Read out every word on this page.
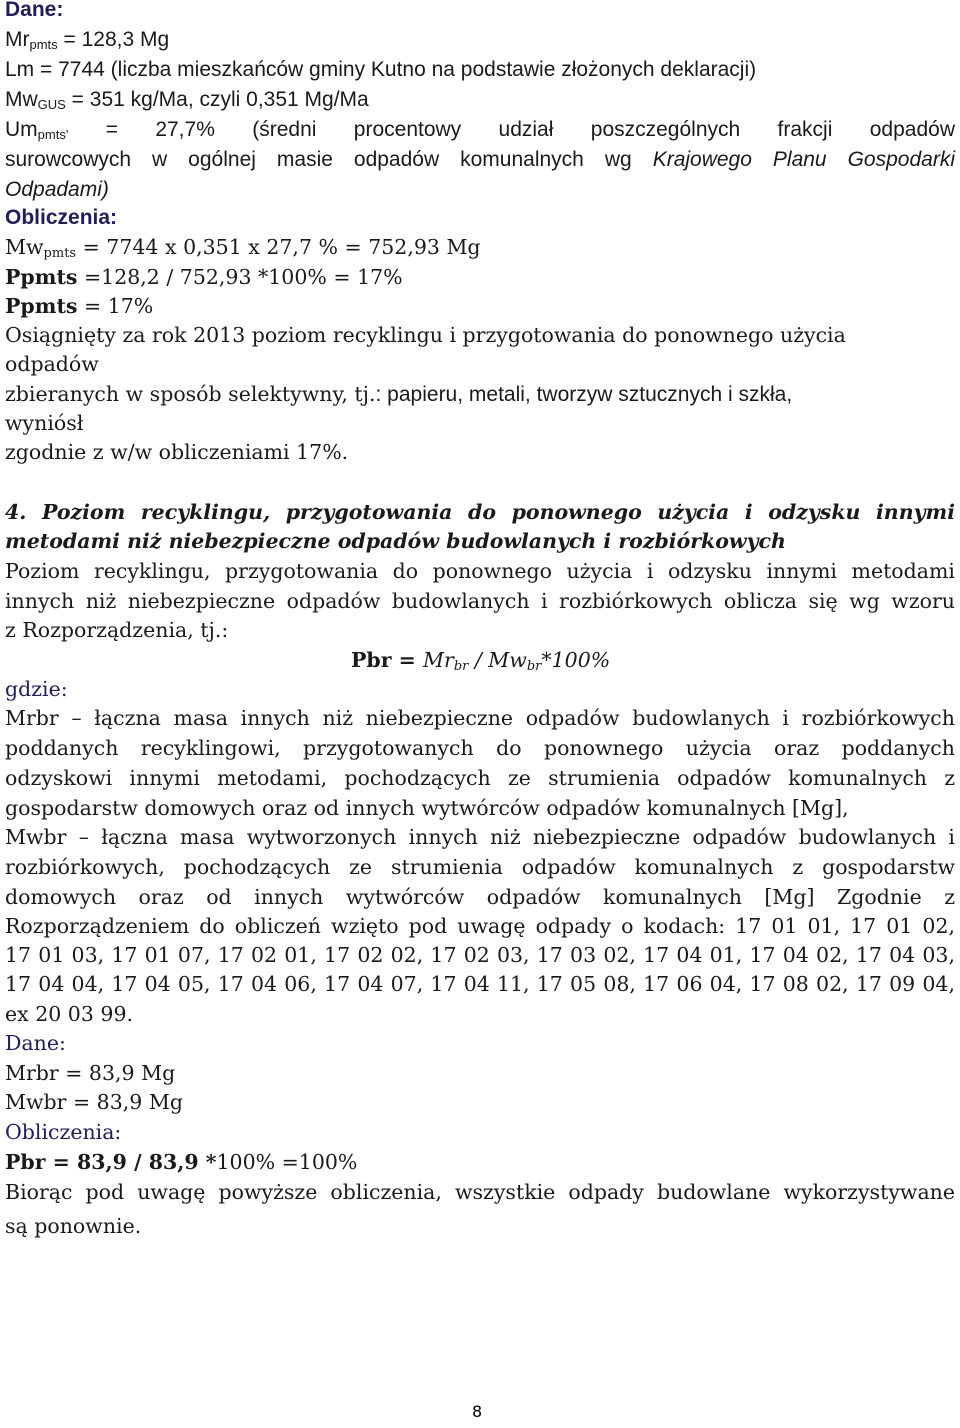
Dane:
$Mr_{pmts} = 128,3$ Mg
Lm = 7744 (liczba mieszkańców gminy Kutno na podstawie złożonych deklaracji)
$Mw_{GUS} = 351$ kg/Ma, czyli 0,351 Mg/Ma
$Um_{pmts'} = 27,7\%$ (średni procentowy udział poszczególnych frakcji odpadów
surowcowych w ogólnej masie odpadów komunalnych wg Krajowego Planu Gospodarki
Odpadami)
Obliczenia:
$Mw_{pmts} = 7744$ x 0,351 x 27,7 % = 752,93 Mg
Ppmts =128,2 / 752,93 *100% = 17%
Ppmts = 17%
Osiągnięty za rok 2013 poziom recyklingu i przygotowania do ponownego użycia
odpadów
zbieranych w sposób selektywny, tj.: papieru, metali, tworzyw sztucznych i szkła,
wyniósł
zgodnie z w/w obliczeniami 17%.
4. Poziom recyklingu, przygotowania do ponownego użycia i odzysku innymi
metodami niż niebezpieczne odpadów budowlanych i rozbiórkowych
Poziom recyklingu, przygotowania do ponownego użycia i odzysku innymi metodami
innych niż niebezpieczne odpadów budowlanych i rozbiórkowych oblicza się wg wzoru
z Rozporządzenia, tj.:
Pbr = $Mr_{br} / Mw_{br}*100\%$
gdzie:
Mrbr – łączna masa innych niż niebezpieczne odpadów budowlanych i rozbiórkowych
poddanych recyklingowi, przygotowanych do ponownego użycia oraz poddanych
odzyskowi innymi metodami, pochodzących ze strumienia odpadów komunalnych z
gospodarstw domowych oraz od innych wytwórców odpadów komunalnych [Mg],
Mwbr – łączna masa wytworzonych innych niż niebezpieczne odpadów budowlanych i
rozbiórkowych, pochodzących ze strumienia odpadów komunalnych z gospodarstw
domowych oraz od innych wytwórców odpadów komunalnych [Mg] Zgodnie z
Rozporządzeniem do obliczeń wzięto pod uwagę odpady o kodach: 17 01 01, 17 01 02,
17 01 03, 17 01 07, 17 02 01, 17 02 02, 17 02 03, 17 03 02, 17 04 01, 17 04 02, 17 04 03,
17 04 04, 17 04 05, 17 04 06, 17 04 07, 17 04 11, 17 05 08, 17 06 04, 17 08 02, 17 09 04,
ex 20 03 99.
Dane:
Mrbr = 83,9 Mg
Mwbr = 83,9 Mg
Obliczenia:
Pbr = 83,9 / 83,9 *100% =100%
Biorąc pod uwagę powyższe obliczenia, wszystkie odpady budowlane wykorzystywane
są ponownie.
8
